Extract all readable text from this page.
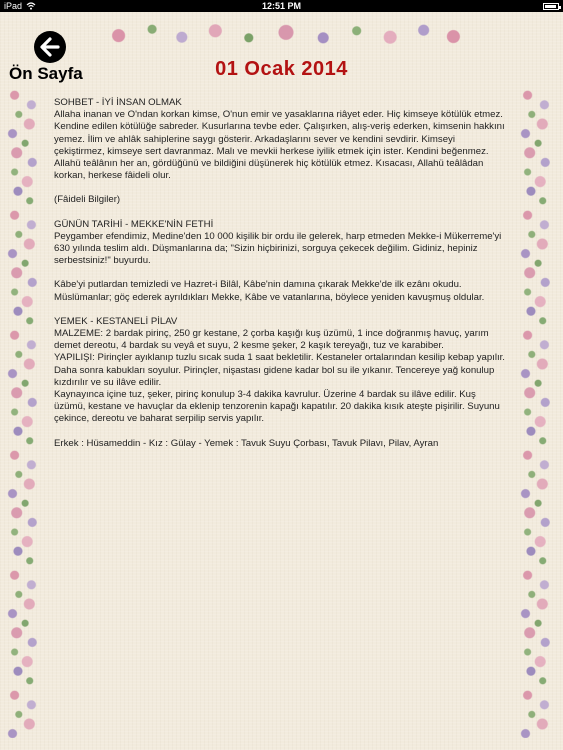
iPad	12:51 PM
Ön Sayfa	01 Ocak 2014

SOHBET - İYİ İNSAN OLMAK

Allaha inanan ve O'ndan korkan kimse, O'nun emir ve yasaklarına riâyet eder. Hiç kimseye kötülük etmez. Kendine edilen kötülüğe sabreder. Kusurlarına tevbe eder. Çalışırken, alış-veriş ederken, kimsenin hakkını yemez. İlim ve ahlâk sahiplerine saygı gösterir. Arkadaşlarını sever ve kendini sevdirir. Kimseyi çekiştirmez, kimseye sert davranmaz. Malı ve mevkii herkese iyilik etmek için ister. Kendini beğenmez. Allahü teâlânın her an, gördüğünü ve bildiğini düşünerek hiç kötülük etmez. Kısacası, Allahü teâlâdan korkan, herkese fâideli olur.

(Fâideli Bilgiler)

GÜNÜN TARİHİ - MEKKE'NİN FETHİ

Peygamber efendimiz, Medine'den 10 000 kişilik bir ordu ile gelerek, harp etmeden Mekke-i Mükerreme'yi 630 yılında teslim aldı. Düşmanlarına da; "Sizin hiçbirinizi, sorguya çekecek değilim. Gidiniz, hepiniz serbestsiniz!" buyurdu.

Kâbe'yi putlardan temizledi ve Hazret-i Bilâl, Kâbe'nin damına çıkarak Mekke'de ilk ezânı okudu. Müslümanlar; göç ederek ayrıldıkları Mekke, Kâbe ve vatanlarına, böylece yeniden kavuşmuş oldular.

YEMEK - KESTANELİ PİLAV

MALZEME: 2 bardak pirinç, 250 gr kestane, 2 çorba kaşığı kuş üzümü, 1 ince doğranmış havuç, yarım demet dereotu, 4 bardak su veyâ et suyu, 2 kesme şeker, 2 kaşık tereyağı, tuz ve karabiber.

YAPILIŞI: Pirinçler ayıklanıp tuzlu sıcak suda 1 saat bekletilir. Kestaneler ortalarından kesilip kebap yapılır. Daha sonra kabukları soyulur. Pirinçler, nişastası gidene kadar bol su ile yıkanır. Tencereye yağ konulup kızdırılır ve su ilâve edilir.

Kaynayınca içine tuz, şeker, pirinç konulup 3-4 dakika kavrulur. Üzerine 4 bardak su ilâve edilir. Kuş üzümü, kestane ve havuçlar da eklenip tenzorenin kapağı kapatılır. 20 dakika kısık ateşte pişirilir. Suyunu çekince, dereotu ve baharat serpilip servis yapılır.

Erkek : Hüsameddin - Kız : Gülay - Yemek : Tavuk Suyu Çorbası, Tavuk Pilavı, Pilav, Ayran
